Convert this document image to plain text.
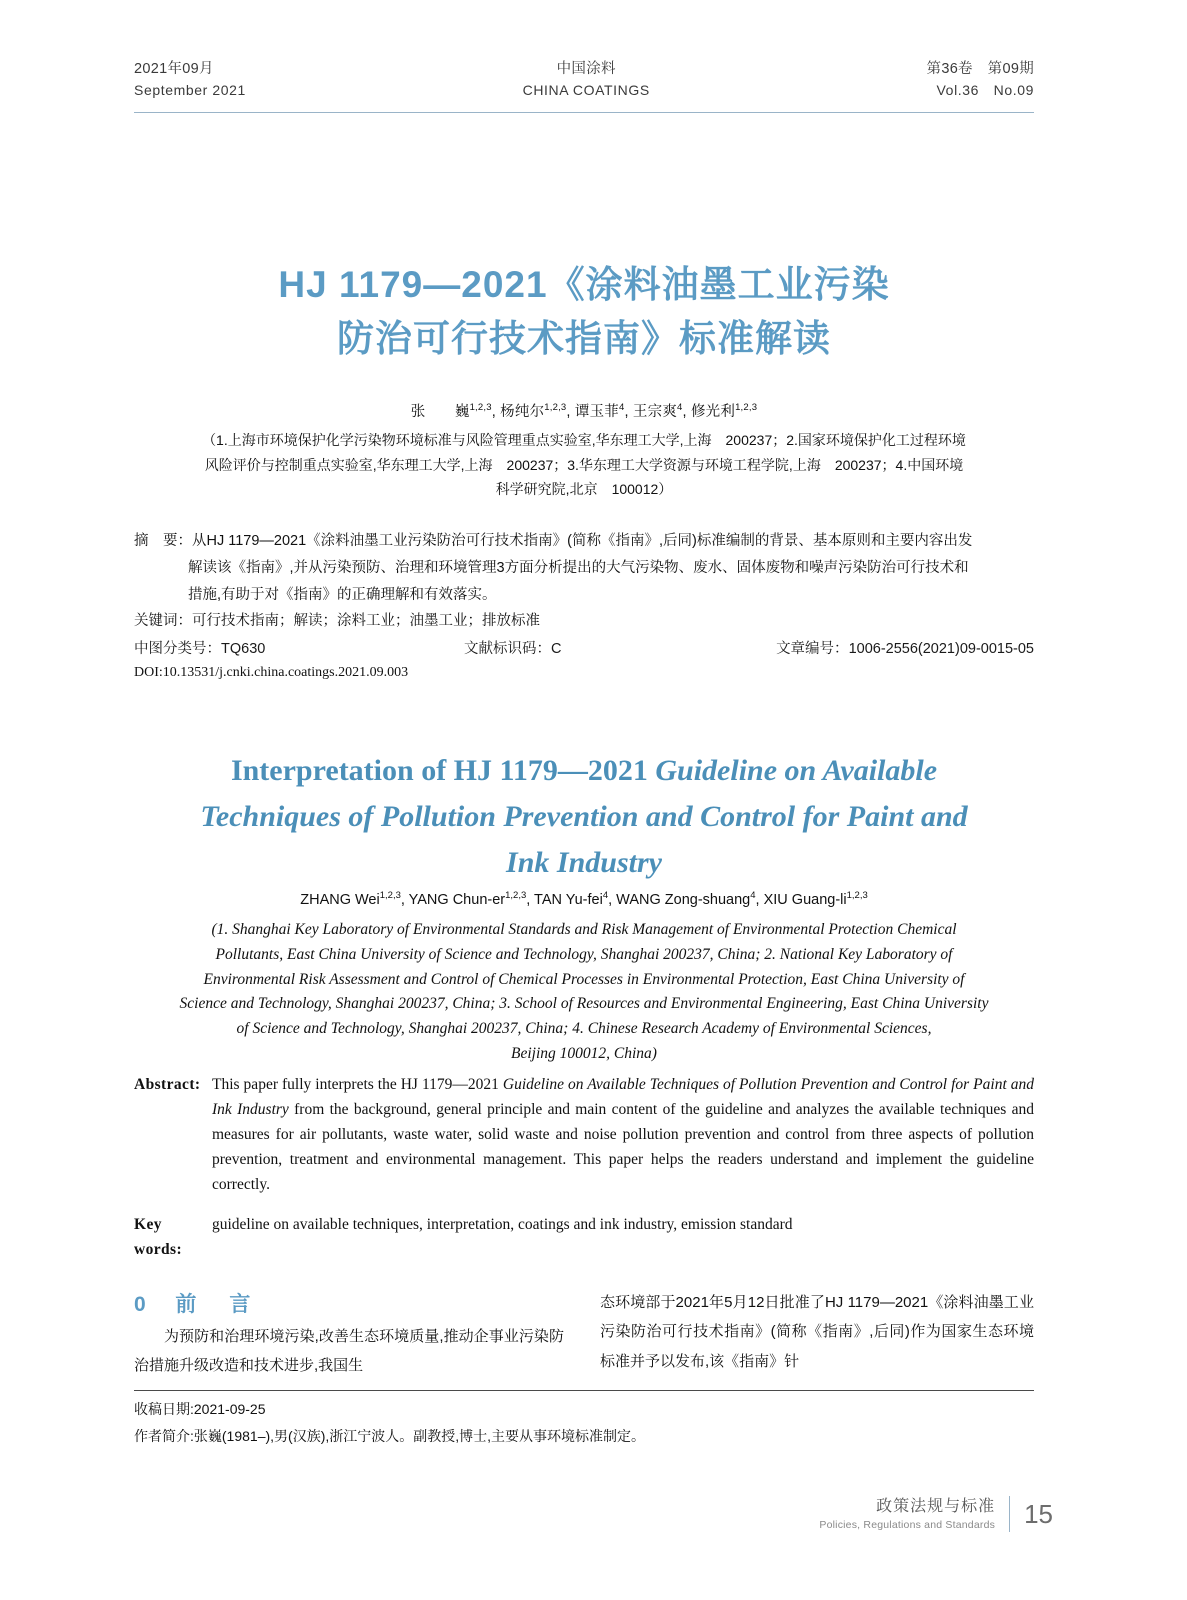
2021年09月
September 2021
中国涂料
CHINA COATINGS
第36卷　第09期
Vol.36　No.09
HJ 1179—2021《涂料油墨工业污染
防治可行技术指南》标准解读
张　　巍$^{1,2,3}$, 杨纯尔$^{1,2,3}$, 谭玉菲$^4$, 王宗爽$^4$, 修光利$^{1,2,3}$
（1.上海市环境保护化学污染物环境标准与风险管理重点实验室,华东理工大学,上海　200237；2.国家环境保护化工过程环境
风险评价与控制重点实验室,华东理工大学,上海　200237；3.华东理工大学资源与环境工程学院,上海　200237；4.中国环境
科学研究院,北京　100012）
摘　要： 从HJ 1179—2021《涂料油墨工业污染防治可行技术指南》(简称《指南》,后同)标准编制的背景、基本原则和主要内容出发
解读该《指南》,并从污染预防、治理和环境管理3方面分析提出的大气污染物、废水、固体废物和噪声污染防治可行技术和
措施,有助于对《指南》的正确理解和有效落实。
关键词： 可行技术指南；解读；涂料工业；油墨工业；排放标准
中图分类号：TQ630	文献标识码：C	文章编号：1006-2556(2021)09-0015-05
DOI:10.13531/j.cnki.china.coatings.2021.09.003
Interpretation of HJ 1179—2021 Guideline on Available
Techniques of Pollution Prevention and Control for Paint and
Ink Industry
ZHANG Wei$^{1,2,3}$, YANG Chun-er$^{1,2,3}$, TAN Yu-fei$^4$, WANG Zong-shuang$^4$, XIU Guang-li$^{1,2,3}$
(1. Shanghai Key Laboratory of Environmental Standards and Risk Management of Environmental Protection Chemical
Pollutants, East China University of Science and Technology, Shanghai 200237, China; 2. National Key Laboratory of
Environmental Risk Assessment and Control of Chemical Processes in Environmental Protection, East China University of
Science and Technology, Shanghai 200237, China; 3. School of Resources and Environmental Engineering, East China University
of Science and Technology, Shanghai 200237, China; 4. Chinese Research Academy of Environmental Sciences,
Beijing 100012, China)
Abstract: This paper fully interprets the HJ 1179—2021 Guideline on Available Techniques of Pollution Prevention and Control for Paint and Ink Industry from the background, general principle and main content of the guideline and analyzes the available techniques and measures for air pollutants, waste water, solid waste and noise pollution prevention and control from three aspects of pollution prevention, treatment and environmental management. This paper helps the readers understand and implement the guideline correctly.
Key words:
guideline on available techniques, interpretation, coatings and ink industry, emission standard
0 前　言
为预防和治理环境污染,改善生态环境质量,推动企事业污染防治措施升级改造和技术进步,我国生
态环境部于2021年5月12日批准了HJ 1179—2021《涂料油墨工业污染防治可行技术指南》(简称《指南》,后同)作为国家生态环境标准并予以发布,该《指南》针
收稿日期:2021-09-25
作者简介:张巍(1981–),男(汉族),浙江宁波人。副教授,博士,主要从事环境标准制定。
政策法规与标准
Policies, Regulations and Standards 15
